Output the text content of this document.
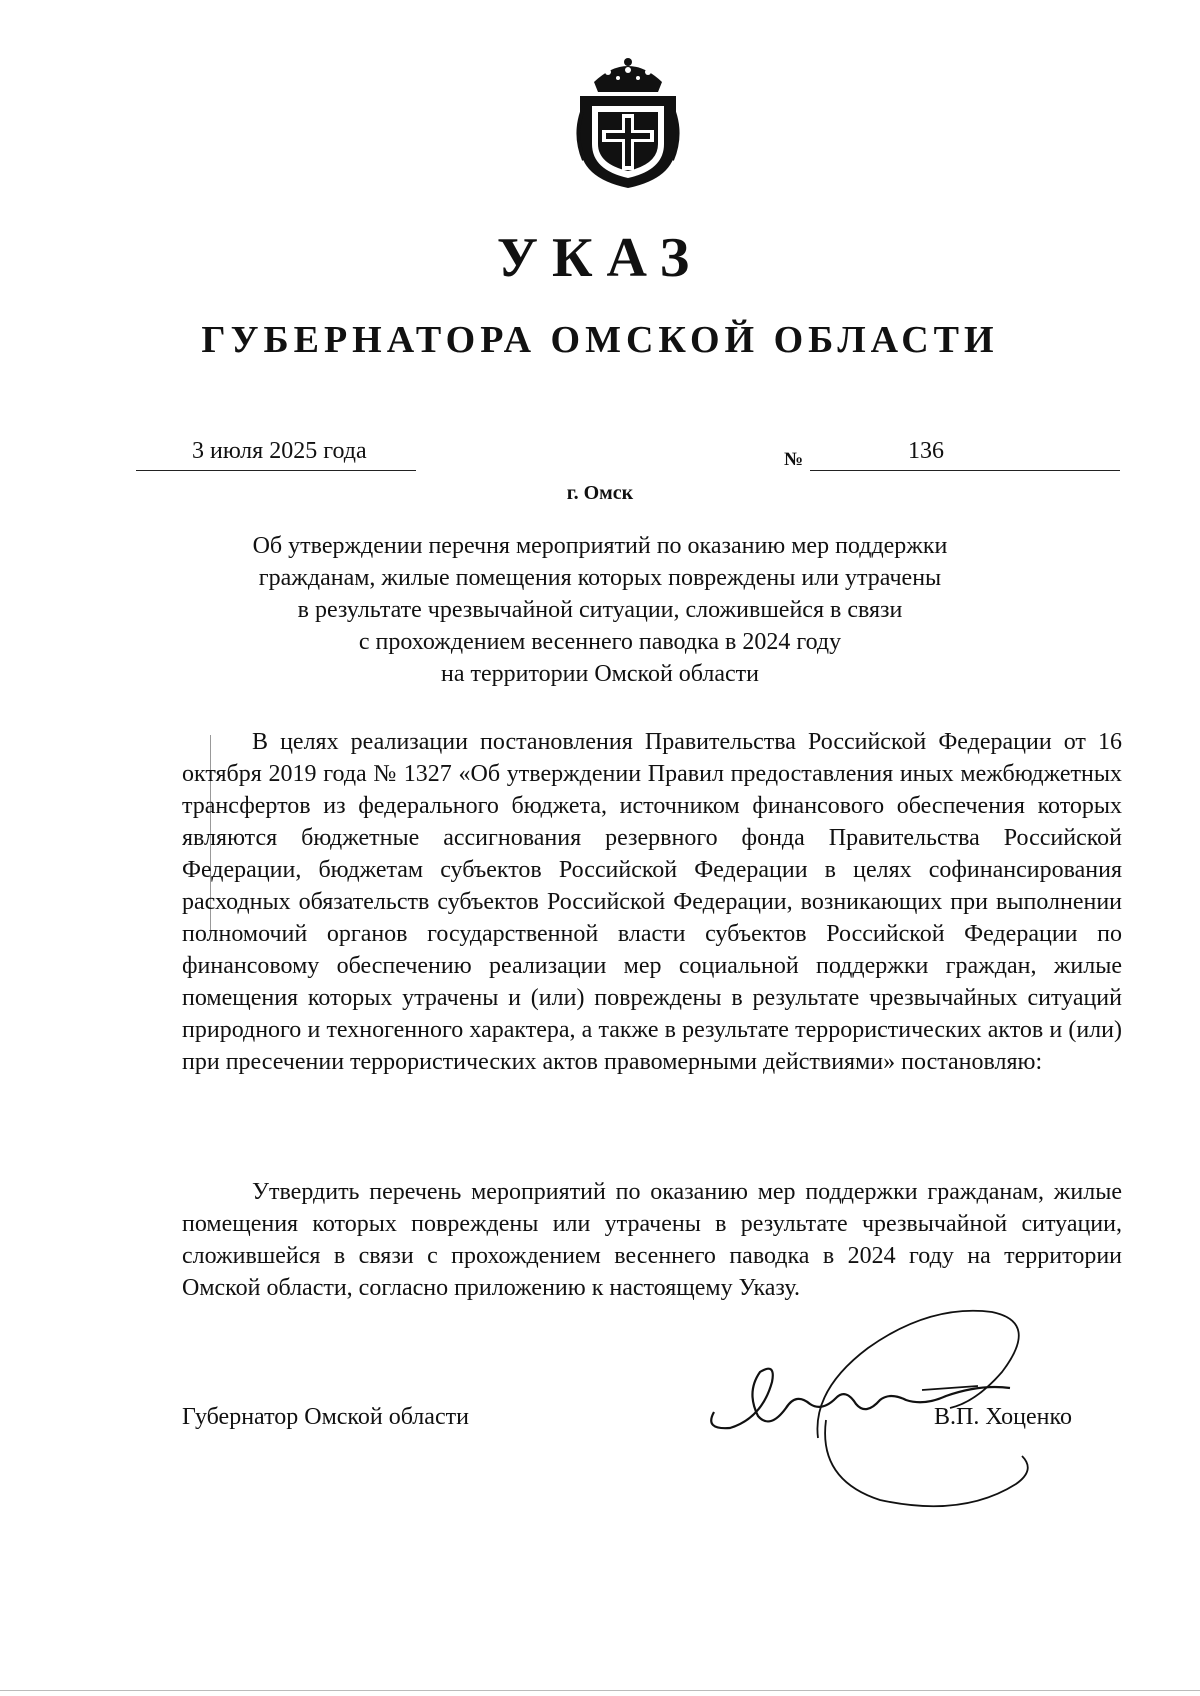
УКАЗ
ГУБЕРНАТОРА ОМСКОЙ ОБЛАСТИ
3 июля 2025 года	№	136
г. Омск
Об утверждении перечня мероприятий по оказанию мер поддержки
гражданам, жилые помещения которых повреждены или утрачены
в результате чрезвычайной ситуации, сложившейся в связи
с прохождением весеннего паводка в 2024 году
на территории Омской области

В целях реализации постановления Правительства Российской Федерации от 16 октября 2019 года № 1327 «Об утверждении Правил предоставления иных межбюджетных трансфертов из федерального бюджета, источником финансового обеспечения которых являются бюджетные ассигнования резервного фонда Правительства Российской Федерации, бюджетам субъектов Российской Федерации в целях софинансирования расходных обязательств субъектов Российской Федерации, возникающих при выполнении полномочий органов государственной власти субъектов Российской Федерации по финансовому обеспечению реализации мер социальной поддержки граждан, жилые помещения которых утрачены и (или) повреждены в результате чрезвычайных ситуаций природного и техногенного характера, а также в результате террористических актов и (или) при пресечении террористических актов правомерными действиями» постановляю:

Утвердить перечень мероприятий по оказанию мер поддержки гражданам, жилые помещения которых повреждены или утрачены в результате чрезвычайной ситуации, сложившейся в связи с прохождением весеннего паводка в 2024 году на территории Омской области, согласно приложению к настоящему Указу.

Губернатор Омской области	В.П. Хоценко
